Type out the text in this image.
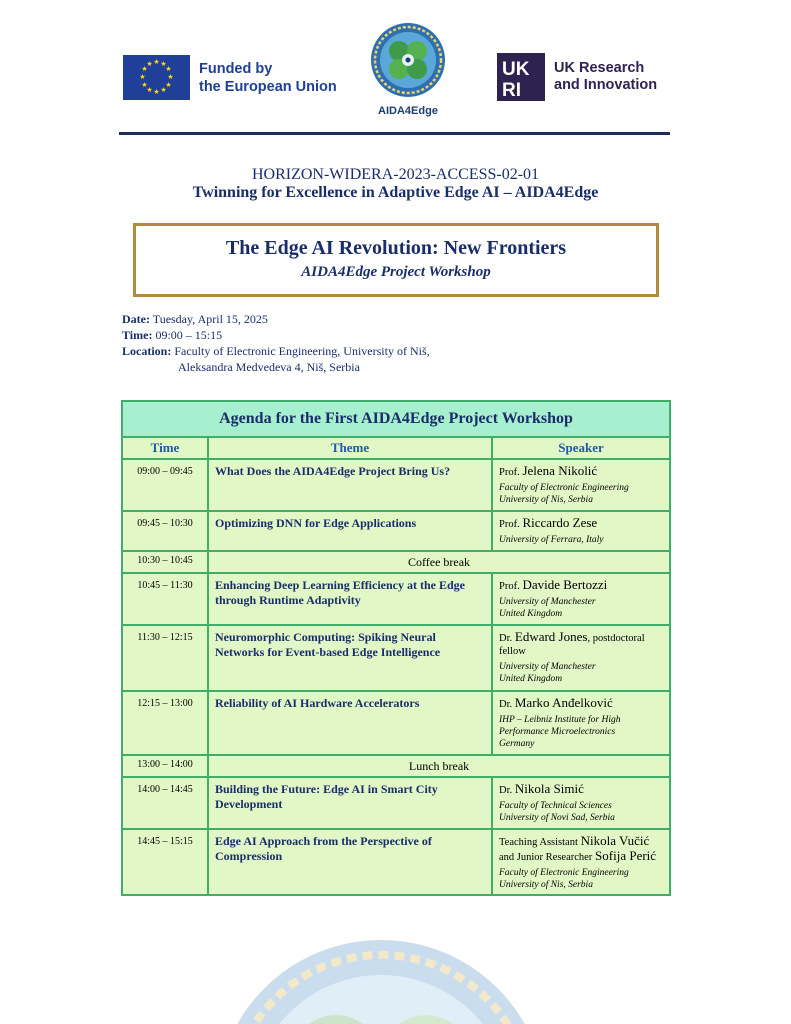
★ ★
★
★
★
★
★
★
★
★
★
★	Funded by
the European Union
AIDA4Edge
UK
RI
UK Research
and Innovation
HORIZON-WIDERA-2023-ACCESS-02-01
Twinning for Excellence in Adaptive Edge AI – AIDA4Edge
The Edge AI Revolution: New Frontiers
AIDA4Edge Project Workshop
Date: Tuesday, April 15, 2025
Time: 09:00 – 15:15
Location: Faculty of Electronic Engineering, University of Niš,
Aleksandra Medvedeva 4, Niš, Serbia
Agenda for the First AIDA4Edge Project Workshop		
Time	Theme	Speaker
09:00 – 09:45	What Does the AIDA4Edge Project Bring Us?	Prof. Jelena Nikolić
Faculty of Electronic Engineering
University of Nis, Serbia

09:45 – 10:30	Optimizing DNN for Edge Applications	Prof. Riccardo Zese
University of Ferrara, Italy

10:30 – 10:45	Coffee break	
10:45 – 11:30	Enhancing Deep Learning Efficiency at the Edge through Runtime Adaptivity	Prof. Davide Bertozzi
University of Manchester
United Kingdom

11:30 – 12:15	Neuromorphic Computing: Spiking Neural Networks for Event-based Edge Intelligence	Dr. Edward Jones, postdoctoral fellow
University of Manchester
United Kingdom

12:15 – 13:00	Reliability of AI Hardware Accelerators	Dr. Marko Anđelković
IHP – Leibniz Institute for High
Performance Microelectronics
Germany

13:00 – 14:00	Lunch break	
14:00 – 14:45	Building the Future: Edge AI in Smart City Development	Dr. Nikola Simić
Faculty of Technical Sciences
University of Novi Sad, Serbia

14:45 – 15:15	Edge AI Approach from the Perspective of Compression	Teaching Assistant Nikola Vučić
and Junior Researcher Sofija Perić
Faculty of Electronic Engineering
University of Nis, Serbia
